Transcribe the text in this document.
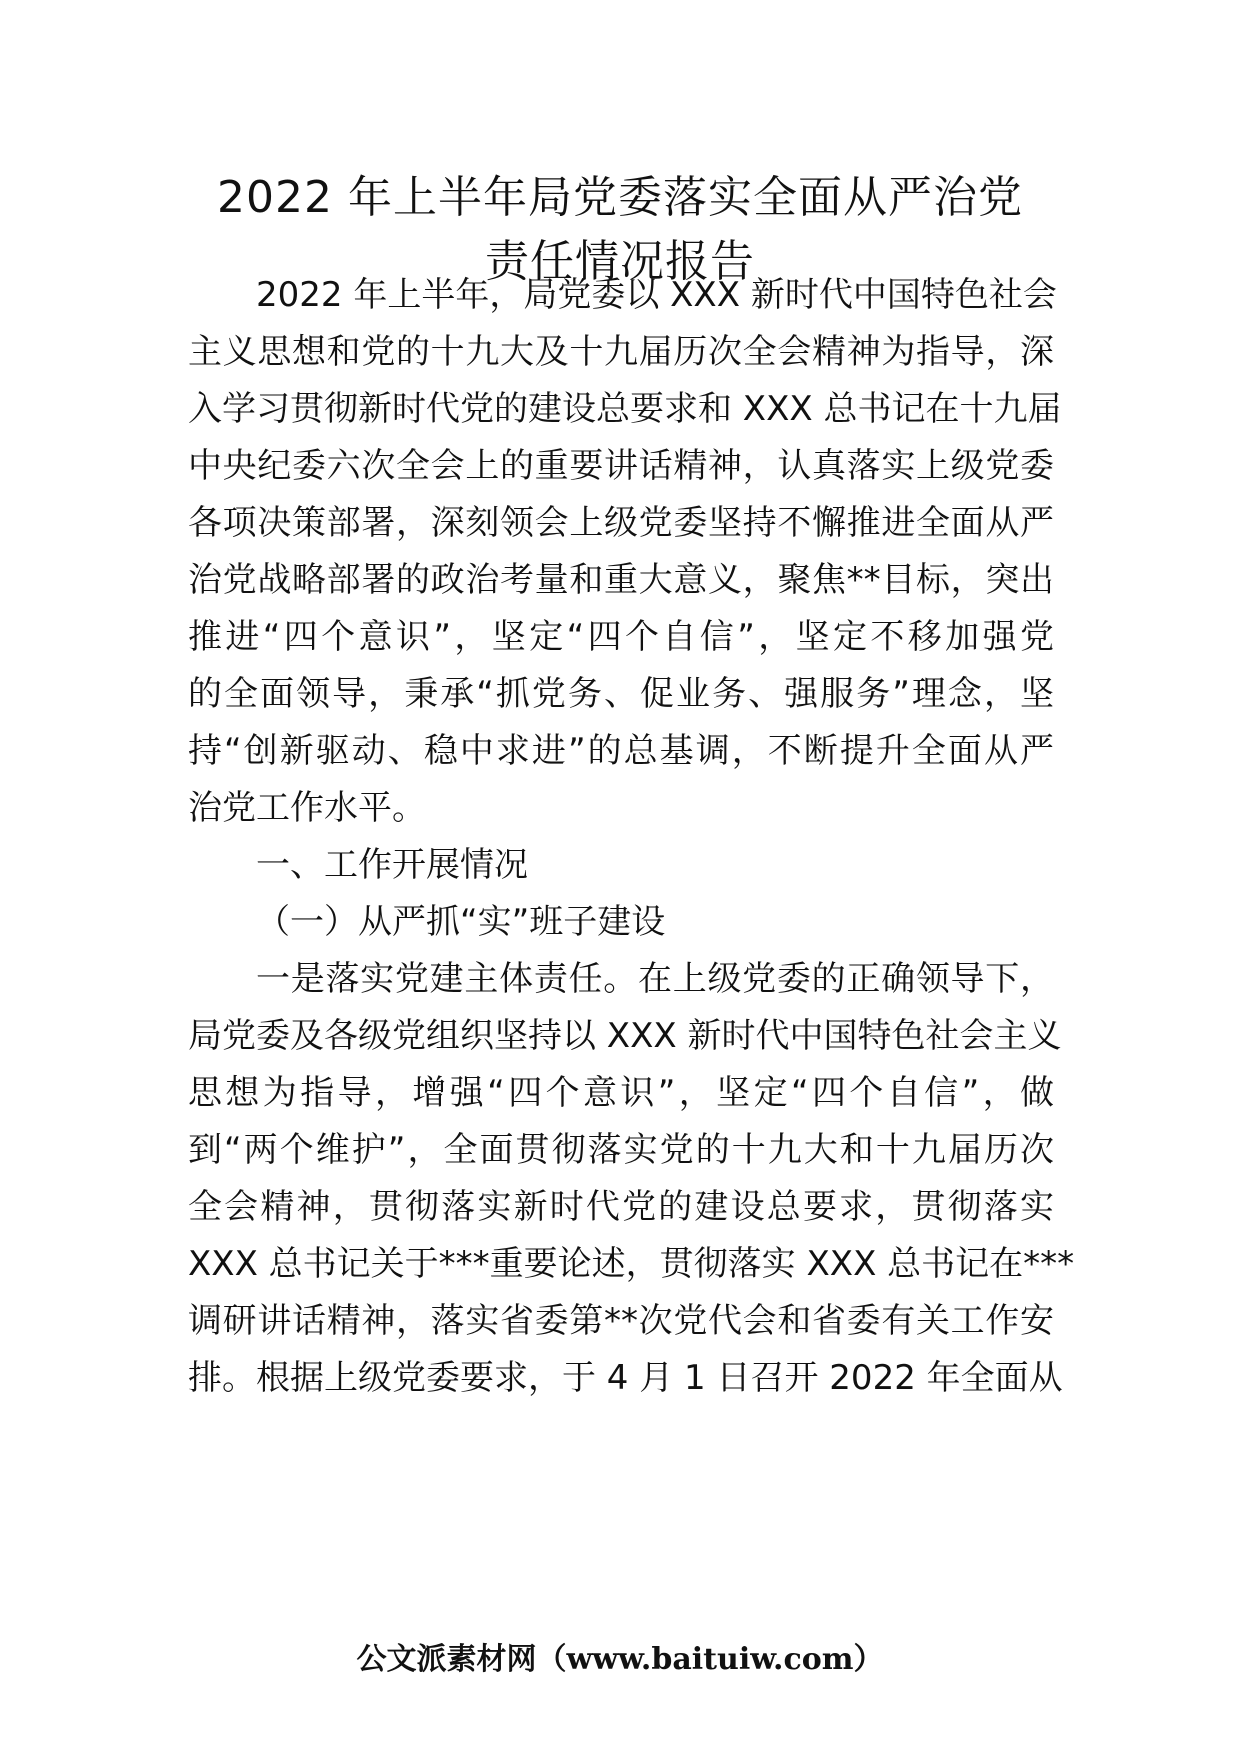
2022 年上半年局党委落实全面从严治党
责任情况报告
2022 年上半年，局党委以 XXX 新时代中国特色社会
主义思想和党的十九大及十九届历次全会精神为指导，深
入学习贯彻新时代党的建设总要求和 XXX 总书记在十九届
中央纪委六次全会上的重要讲话精神，认真落实上级党委
各项决策部署，深刻领会上级党委坚持不懈推进全面从严
治党战略部署的政治考量和重大意义，聚焦**目标，突出
推进“四个意识”，坚定“四个自信”，坚定不移加强党
的全面领导，秉承“抓党务、促业务、强服务”理念，坚
持“创新驱动、稳中求进”的总基调，不断提升全面从严
治党工作水平。
一、工作开展情况
（一）从严抓“实”班子建设
一是落实党建主体责任。在上级党委的正确领导下，
局党委及各级党组织坚持以 XXX 新时代中国特色社会主义
思想为指导，增强“四个意识”，坚定“四个自信”，做
到“两个维护”，全面贯彻落实党的十九大和十九届历次
全会精神，贯彻落实新时代党的建设总要求，贯彻落实
XXX 总书记关于***重要论述，贯彻落实 XXX 总书记在***
调研讲话精神，落实省委第**次党代会和省委有关工作安
排。根据上级党委要求，于 4 月 1 日召开 2022 年全面从
公文派素材网（www.baituiw.com）
